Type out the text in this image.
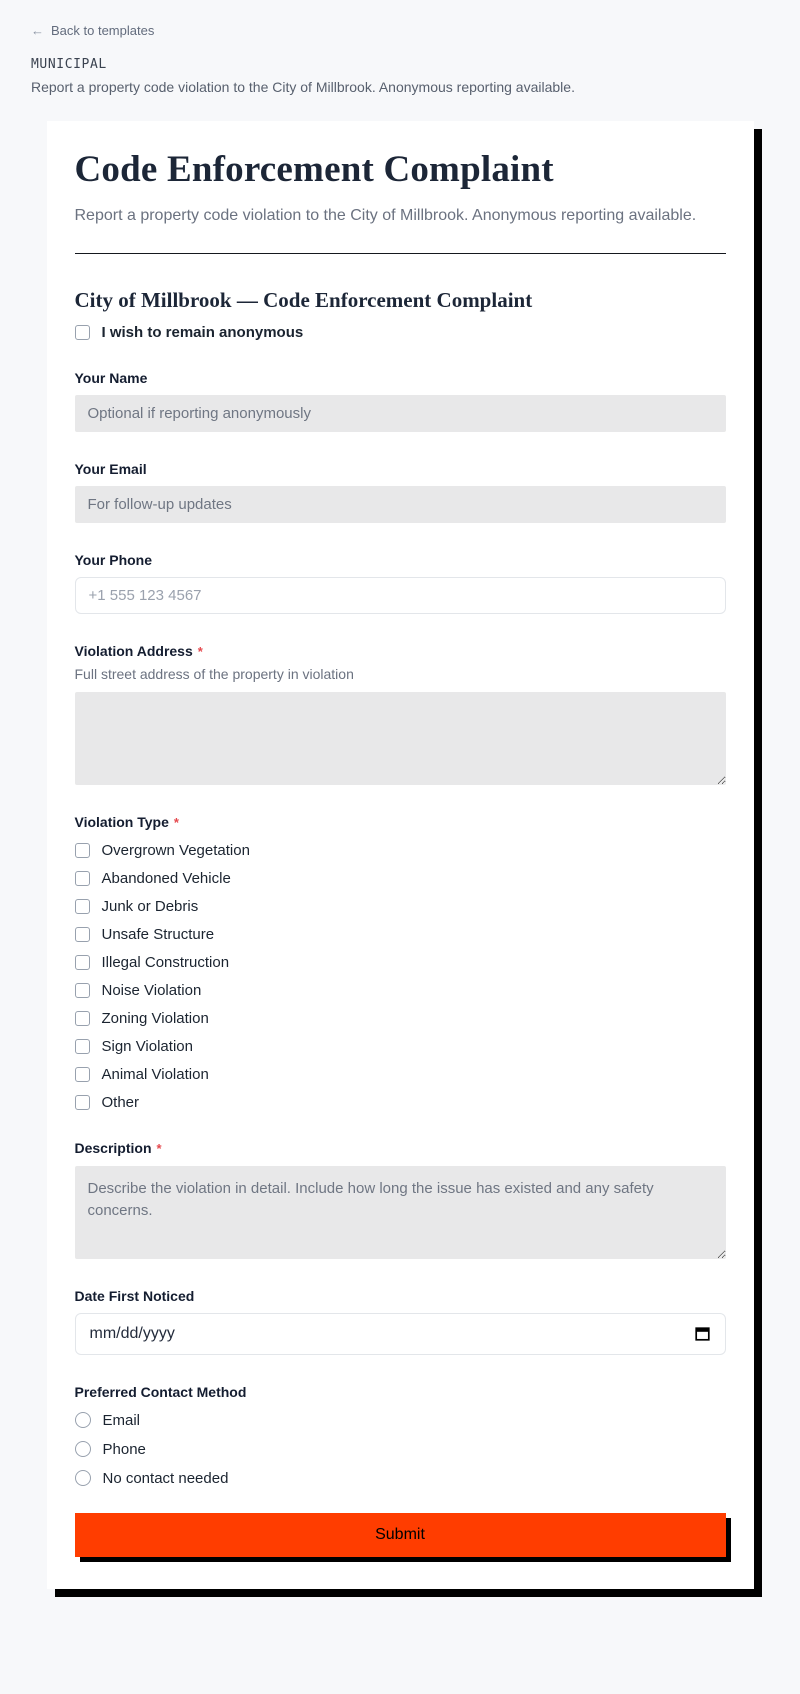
← Back to templates
MUNICIPAL
Report a property code violation to the City of Millbrook. Anonymous reporting available.
Code Enforcement Complaint
Report a property code violation to the City of Millbrook. Anonymous reporting available.
City of Millbrook — Code Enforcement Complaint
I wish to remain anonymous
Your Name
Optional if reporting anonymously
Your Email
For follow-up updates
Your Phone
+1 555 123 4567
Violation Address *
Full street address of the property in violation
Violation Type *
Overgrown Vegetation
Abandoned Vehicle
Junk or Debris
Unsafe Structure
Illegal Construction
Noise Violation
Zoning Violation
Sign Violation
Animal Violation
Other
Description *
Describe the violation in detail. Include how long the issue has existed and any safety concerns.
Date First Noticed
mm/dd/yyyy
Preferred Contact Method
Email
Phone
No contact needed
Submit
